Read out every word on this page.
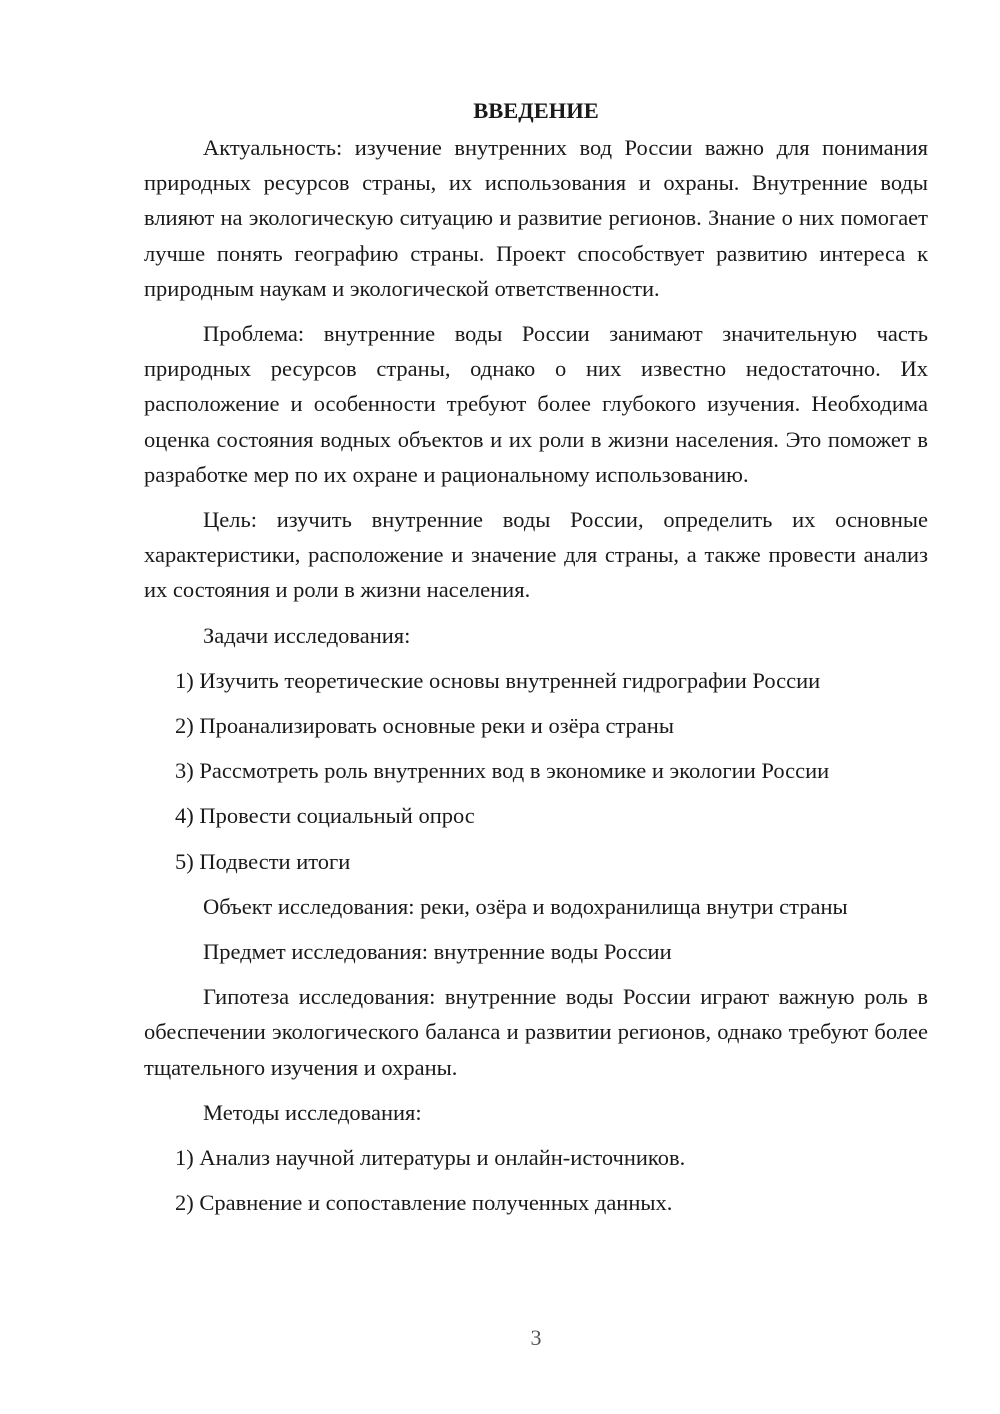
ВВЕДЕНИЕ
Актуальность: изучение внутренних вод России важно для понимания природных ресурсов страны, их использования и охраны. Внутренние воды влияют на экологическую ситуацию и развитие регионов. Знание о них помогает лучше понять географию страны. Проект способствует развитию интереса к природным наукам и экологической ответственности.
Проблема: внутренние воды России занимают значительную часть природных ресурсов страны, однако о них известно недостаточно. Их расположение и особенности требуют более глубокого изучения. Необходима оценка состояния водных объектов и их роли в жизни населения. Это поможет в разработке мер по их охране и рациональному использованию.
Цель: изучить внутренние воды России, определить их основные характеристики, расположение и значение для страны, а также провести анализ их состояния и роли в жизни населения.
Задачи исследования:
1) Изучить теоретические основы внутренней гидрографии России
2) Проанализировать основные реки и озёра страны
3) Рассмотреть роль внутренних вод в экономике и экологии России
4) Провести социальный опрос
5) Подвести итоги
Объект исследования: реки, озёра и водохранилища внутри страны
Предмет исследования: внутренние воды России
Гипотеза исследования: внутренние воды России играют важную роль в обеспечении экологического баланса и развитии регионов, однако требуют более тщательного изучения и охраны.
Методы исследования:
1) Анализ научной литературы и онлайн-источников.
2) Сравнение и сопоставление полученных данных.
3
